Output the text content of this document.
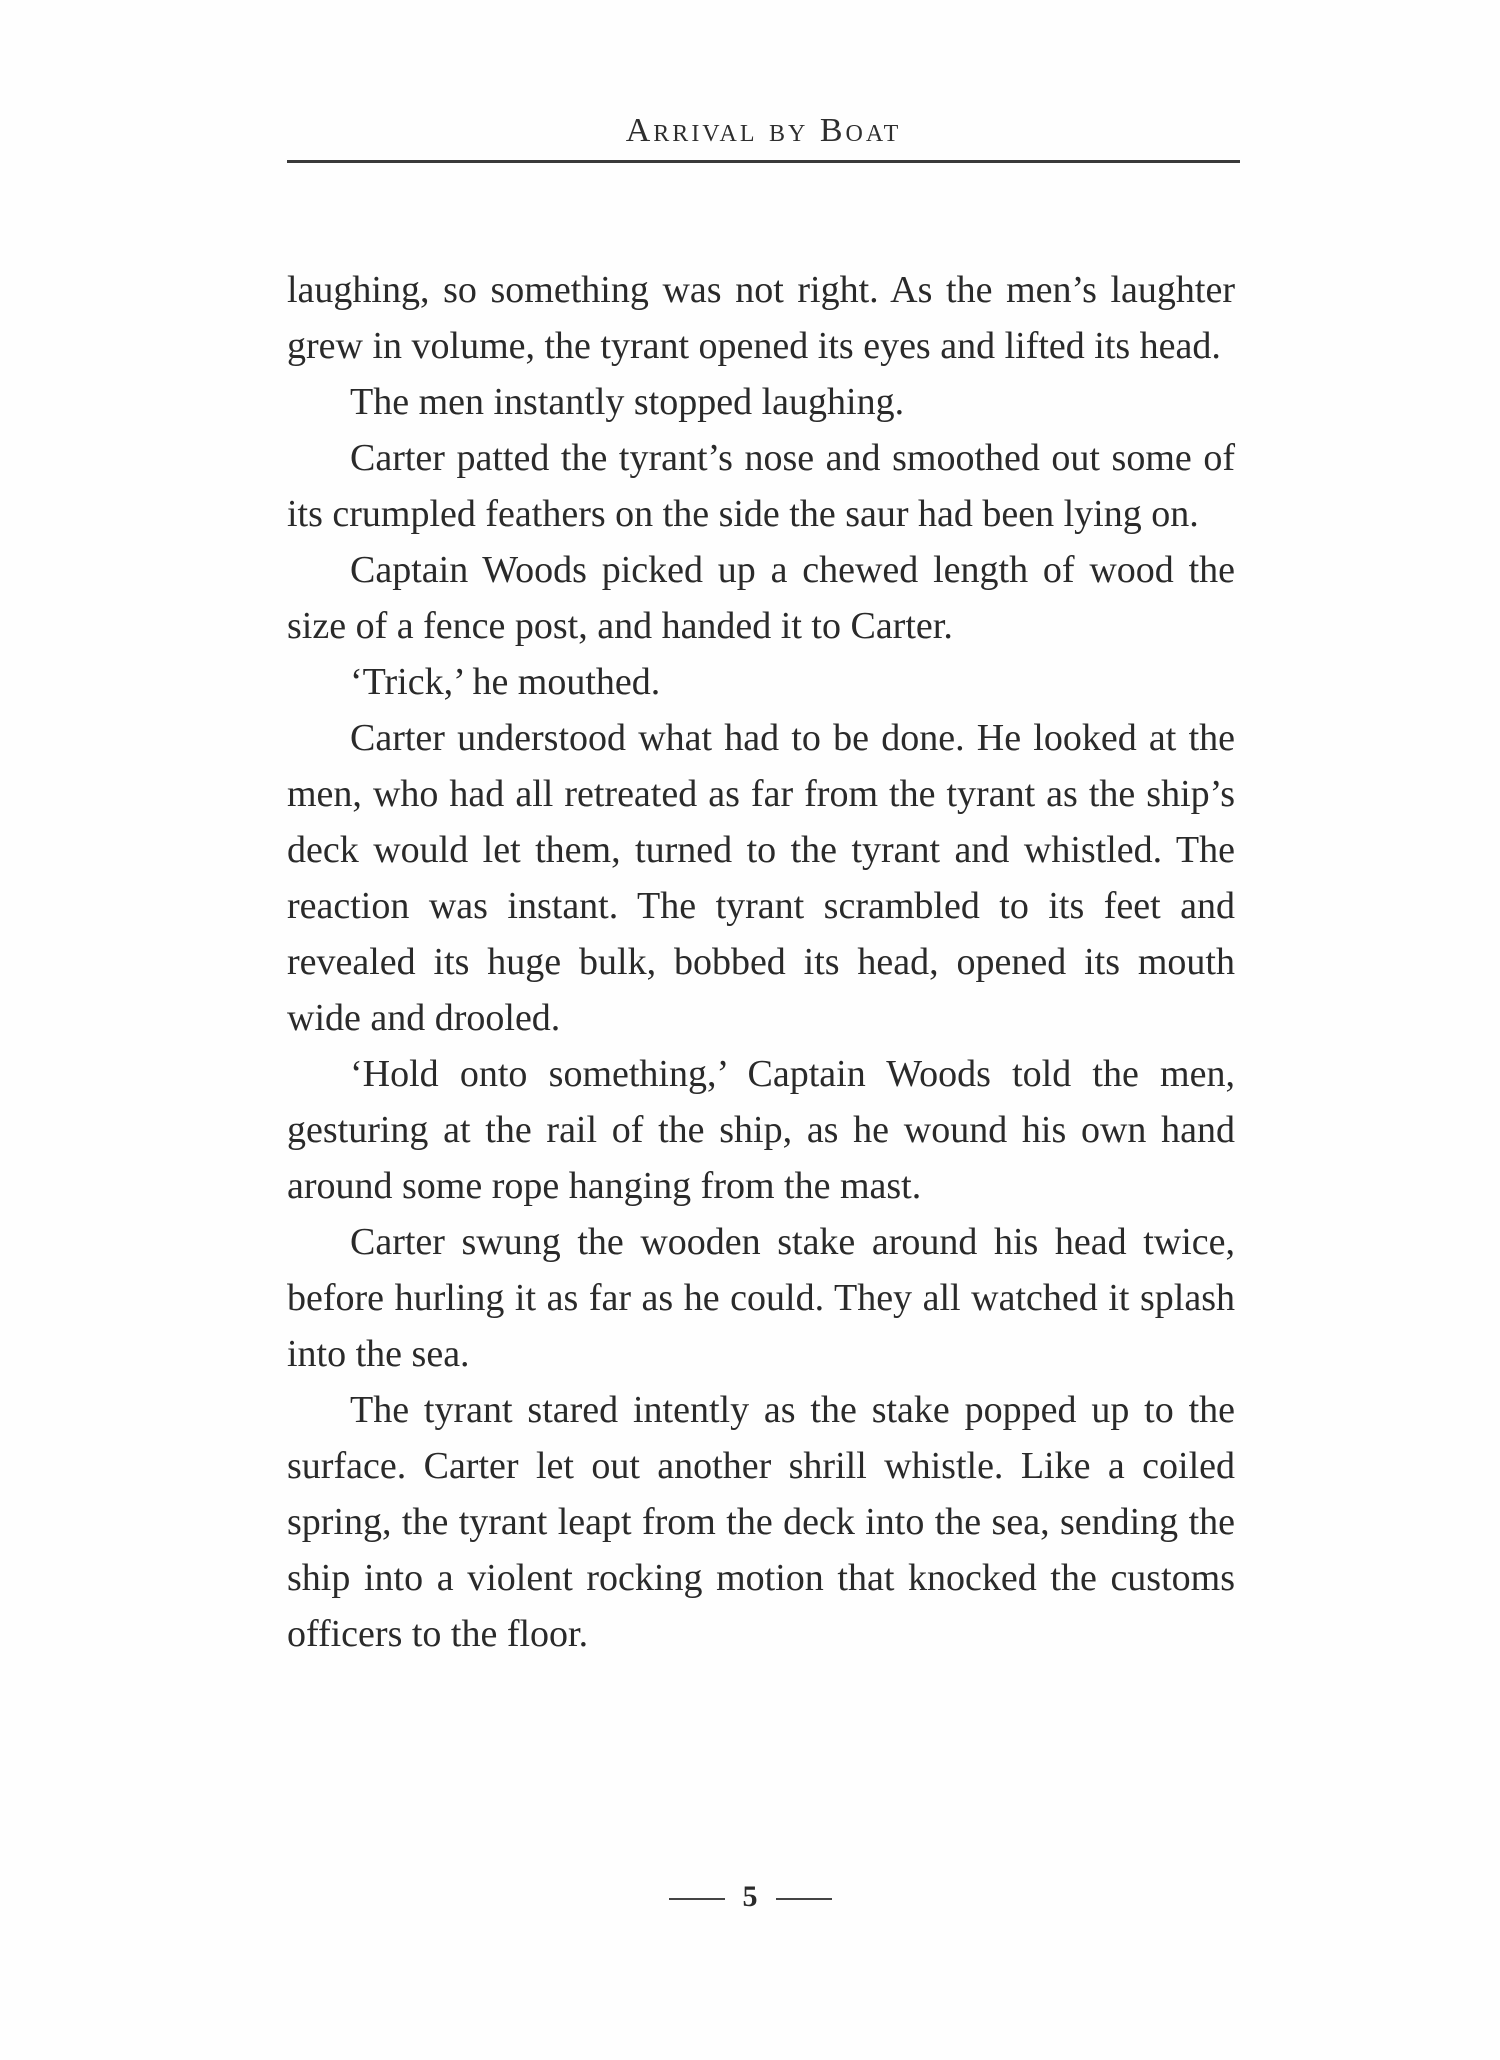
Arrival by Boat

laughing, so something was not right. As the men’s laughter grew in volume, the tyrant opened its eyes and lifted its head.

The men instantly stopped laughing.

Carter patted the tyrant’s nose and smoothed out some of its crumpled feathers on the side the saur had been lying on.

Captain Woods picked up a chewed length of wood the size of a fence post, and handed it to Carter.

‘Trick,’ he mouthed.

Carter understood what had to be done. He looked at the men, who had all retreated as far from the tyrant as the ship’s deck would let them, turned to the tyrant and whistled. The reaction was instant. The tyrant scrambled to its feet and revealed its huge bulk, bobbed its head, opened its mouth wide and drooled.

‘Hold onto something,’ Captain Woods told the men, gesturing at the rail of the ship, as he wound his own hand around some rope hanging from the mast.

Carter swung the wooden stake around his head twice, before hurling it as far as he could. They all watched it splash into the sea.

The tyrant stared intently as the stake popped up to the surface. Carter let out another shrill whistle. Like a coiled spring, the tyrant leapt from the deck into the sea, sending the ship into a violent rocking motion that knocked the customs officers to the floor.

5
